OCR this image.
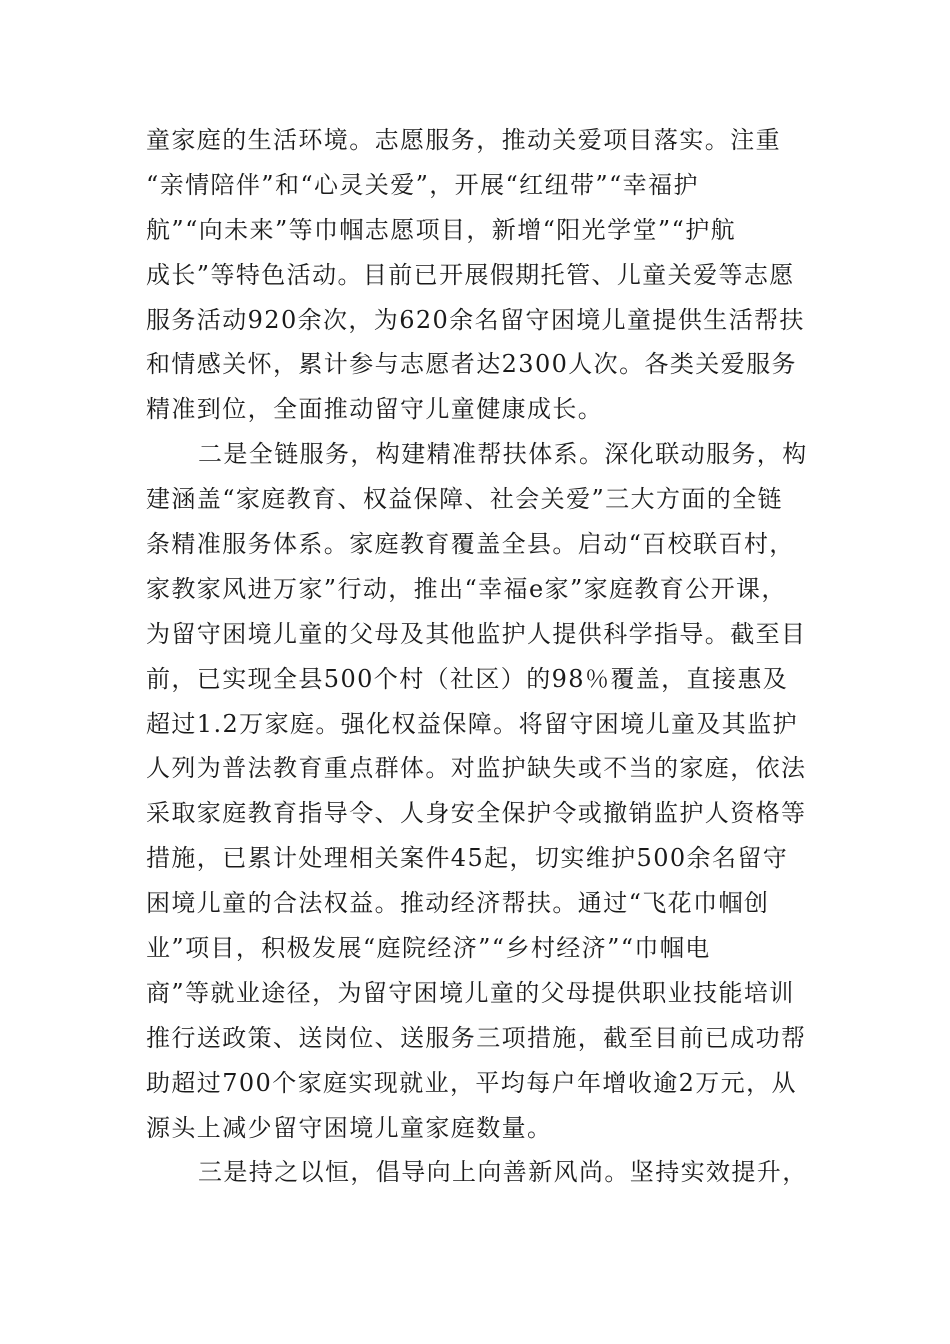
童家庭的生活环境。志愿服务，推动关爱项目落实。注重
“亲情陪伴”和“心灵关爱”，开展“红纽带”“幸福护
航”“向未来”等巾帼志愿项目，新增“阳光学堂”“护航
成长”等特色活动。目前已开展假期托管、儿童关爱等志愿
服务活动920余次，为620余名留守困境儿童提供生活帮扶
和情感关怀，累计参与志愿者达2300人次。各类关爱服务
精准到位，全面推动留守儿童健康成长。
二是全链服务，构建精准帮扶体系。深化联动服务，构
建涵盖“家庭教育、权益保障、社会关爱”三大方面的全链
条精准服务体系。家庭教育覆盖全县。启动“百校联百村，
家教家风进万家”行动，推出“幸福e家”家庭教育公开课，
为留守困境儿童的父母及其他监护人提供科学指导。截至目
前，已实现全县500个村（社区）的98％覆盖，直接惠及
超过1.2万家庭。强化权益保障。将留守困境儿童及其监护
人列为普法教育重点群体。对监护缺失或不当的家庭，依法
采取家庭教育指导令、人身安全保护令或撤销监护人资格等
措施，已累计处理相关案件45起，切实维护500余名留守
困境儿童的合法权益。推动经济帮扶。通过“飞花巾帼创
业”项目，积极发展“庭院经济”“乡村经济”“巾帼电
商”等就业途径，为留守困境儿童的父母提供职业技能培训
推行送政策、送岗位、送服务三项措施，截至目前已成功帮
助超过700个家庭实现就业，平均每户年增收逾2万元，从
源头上减少留守困境儿童家庭数量。
三是持之以恒，倡导向上向善新风尚。坚持实效提升，
